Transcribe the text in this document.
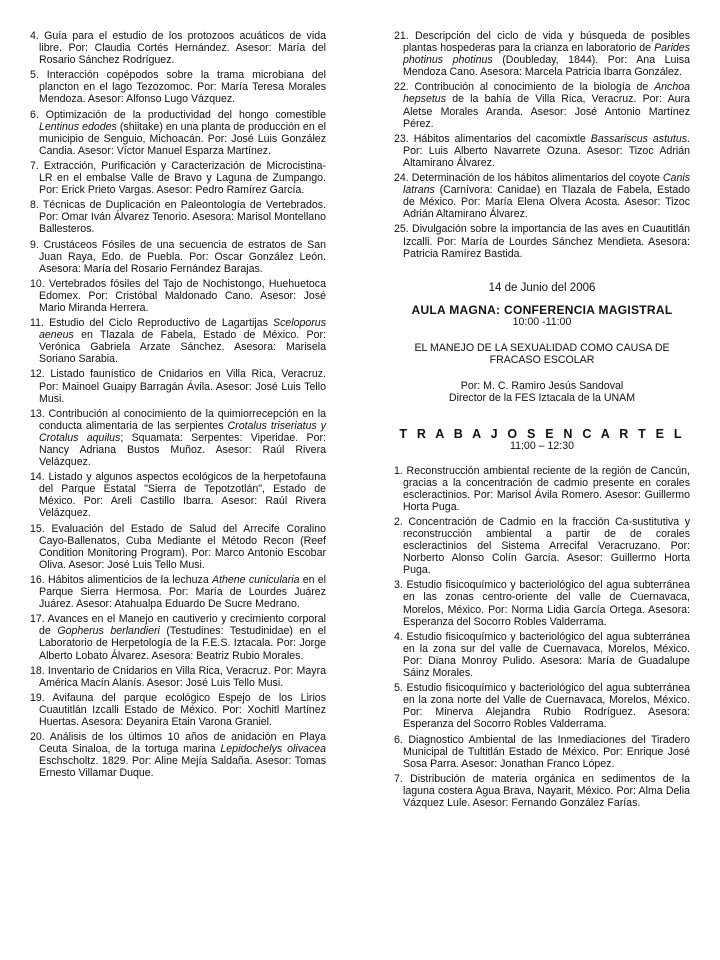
4. Guía para el estudio de los protozoos acuáticos de vida libre. Por: Claudia Cortés Hernández. Asesor: María del Rosario Sánchez Rodríguez.

5. Interacción copépodos sobre la trama microbiana del plancton en el lago Tezozomoc. Por: María Teresa Morales Mendoza. Asesor: Alfonso Lugo Vázquez.

6. Optimización de la productividad del hongo comestible Lentinus edodes (shiitake) en una planta de producción en el municipio de Senguio, Michoacán. Por: José Luis González Candia. Asesor: Víctor Manuel Esparza Martínez.

7. Extracción, Purificación y Caracterización de Microcistina-LR en el embalse Valle de Bravo y Laguna de Zumpango. Por: Erick Prieto Vargas. Asesor: Pedro Ramírez García.

8. Técnicas de Duplicación en Paleontología de Vertebrados. Por: Omar Iván Álvarez Tenorio. Asesora: Marisol Montellano Ballesteros.

9. Crustáceos Fósiles de una secuencia de estratos de San Juan Raya, Edo. de Puebla. Por: Oscar González León. Asesora: María del Rosario Fernández Barajas.

10. Vertebrados fósiles del Tajo de Nochistongo, Huehuetoca Edomex. Por: Cristóbal Maldonado Cano. Asesor: José Mario Miranda Herrera.

11. Estudio del Ciclo Reproductivo de Lagartijas Sceloporus aeneus en Tlazala de Fabela, Estado de México. Por: Verónica Gabriela Arzate Sánchez. Asesora: Marisela Soriano Sarabia.

12. Listado faunístico de Cnidarios en Villa Rica, Veracruz. Por: Mainoel Guaipy Barragán Ávila. Asesor: José Luis Tello Musi.

13. Contribución al conocimiento de la quimiorrecepción en la conducta alimentaria de las serpientes Crotalus triseriatus y Crotalus aquilus; Squamata: Serpentes: Viperidae. Por: Nancy Adriana Bustos Muñoz. Asesor: Raúl Rivera Velázquez.

14. Listado y algunos aspectos ecológicos de la herpetofauna del Parque Estatal "Sierra de Tepotzotlán", Estado de México. Por: Areli Castillo Ibarra. Asesor: Raúl Rivera Velázquez.

15. Evaluación del Estado de Salud del Arrecife Coralino Cayo-Ballenatos, Cuba Mediante el Método Recon (Reef Condition Monitoring Program). Por: Marco Antonio Escobar Oliva. Asesor: José Luis Tello Musi.

16. Hábitos alimenticios de la lechuza Athene cunicularia en el Parque Sierra Hermosa. Por: María de Lourdes Juárez Juárez. Asesor: Atahualpa Eduardo De Sucre Medrano.

17. Avances en el Manejo en cautiverio y crecimiento corporal de Gopherus berlandieri (Testudines: Testudinidae) en el Laboratorio de Herpetología de la F.E.S. Iztacala. Por: Jorge Alberto Lobato Álvarez. Asesora: Beatriz Rubio Morales.

18. Inventario de Cnidarios en Villa Rica, Veracruz. Por: Mayra América Macín Alanís. Asesor: José Luis Tello Musi.

19. Avifauna del parque ecológico Espejo de los Lirios Cuautitlán Izcalli Estado de México. Por: Xochitl Martínez Huertas. Asesora: Deyanira Etain Varona Graniel.

20. Análisis de los últimos 10 años de anidación en Playa Ceuta Sinaloa, de la tortuga marina Lepidochelys olivacea Eschscholtz. 1829. Por: Aline Mejía Saldaña. Asesor: Tomas Ernesto Villamar Duque.

21. Descripción del ciclo de vida y búsqueda de posibles plantas hospederas para la crianza en laboratorio de Parides photinus photinus (Doubleday, 1844). Por: Ana Luisa Mendoza Cano. Asesora: Marcela Patricia Ibarra González.

22. Contribución al conocimiento de la biología de Anchoa hepsetus de la bahía de Villa Rica, Veracruz. Por: Aura Aletse Morales Aranda. Asesor: José Antonio Martínez Pérez.

23. Hábitos alimentarios del cacomixtle Bassariscus astutus. Por: Luis Alberto Navarrete Ozuna. Asesor: Tizoc Adrián Altamirano Álvarez.

24. Determinación de los hábitos alimentarios del coyote Canis latrans (Carnívora: Canidae) en Tlazala de Fabela, Estado de México. Por: María Elena Olvera Acosta. Asesor: Tizoc Adrián Altamirano Álvarez.

25. Divulgación sobre la importancia de las aves en Cuautitlán Izcalli. Por: María de Lourdes Sánchez Mendieta. Asesora: Patricia Ramírez Bastida.

14 de Junio del 2006

AULA MAGNA: CONFERENCIA MAGISTRAL

10:00 -11:00

EL MANEJO DE LA SEXUALIDAD COMO CAUSA DE FRACASO ESCOLAR

Por: M. C. Ramiro Jesús Sandoval

Director de la FES Iztacala de la UNAM

T R A B A J O S E N C A R T E L

11:00 – 12:30

1. Reconstrucción ambiental reciente de la región de Cancún, gracias a la concentración de cadmio presente en corales escleractinios. Por: Marisol Ávila Romero. Asesor: Guillermo Horta Puga.

2. Concentración de Cadmio en la fracción Ca-sustitutiva y reconstrucción ambiental a partir de de corales escleractinios del Sistema Arrecifal Veracruzano. Por: Norberto Alonso Colín García. Asesor: Guillermo Horta Puga.

3. Estudio fisicoquímico y bacteriológico del agua subterránea en las zonas centro-oriente del valle de Cuernavaca, Morelos, México. Por: Norma Lidia García Ortega. Asesora: Esperanza del Socorro Robles Valderrama.

4. Estudio fisicoquímico y bacteriológico del agua subterránea en la zona sur del valle de Cuernavaca, Morelos, México. Por: Diana Monroy Pulido. Asesora: María de Guadalupe Sáinz Morales.

5. Estudio fisicoquímico y bacteriológico del agua subterránea en la zona norte del Valle de Cuernavaca, Morelos, México. Por: Minerva Alejandra Rubio Rodríguez. Asesora: Esperanza del Socorro Robles Valderrama.

6. Diagnostico Ambiental de las Inmediaciones del Tiradero Municipal de Tultitlán Estado de México. Por: Enrique José Sosa Parra. Asesor: Jonathan Franco López.

7. Distribución de materia orgánica en sedimentos de la laguna costera Agua Brava, Nayarit, México. Por: Alma Delia Vázquez Lule. Asesor: Fernando González Farías.
